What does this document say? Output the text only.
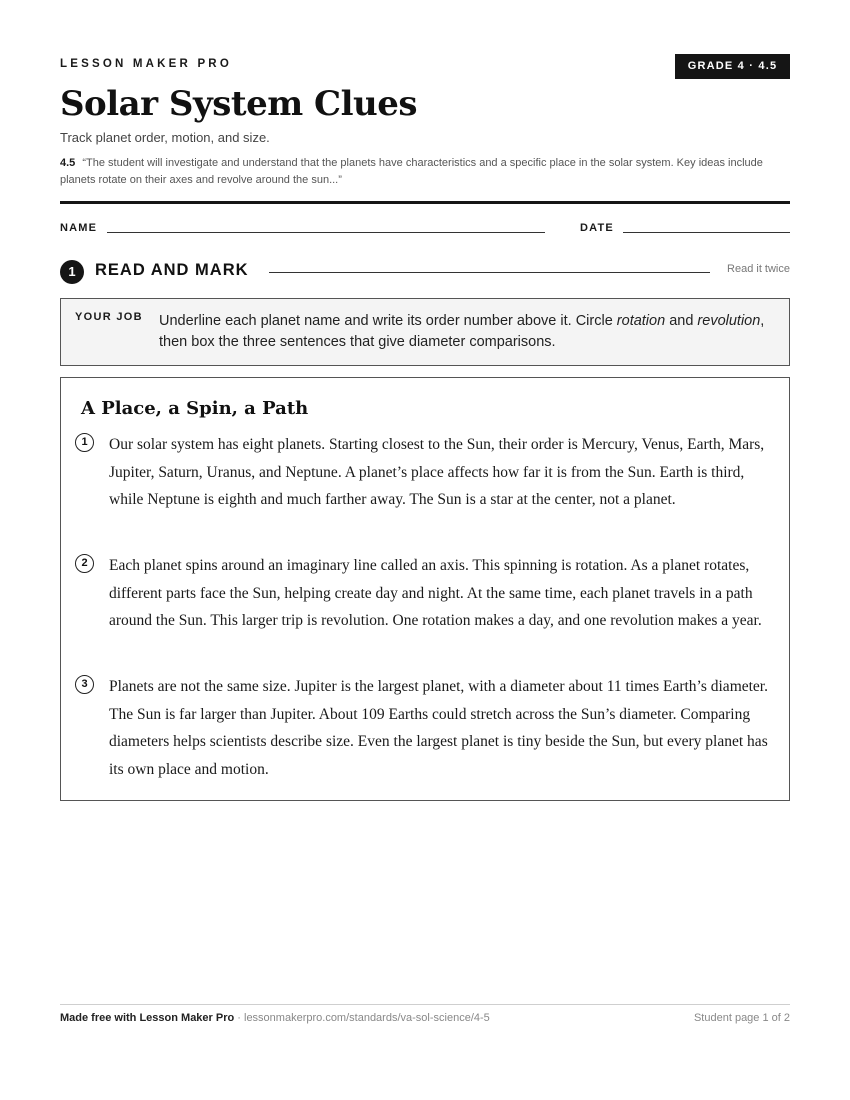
LESSON MAKER PRO	GRADE 4 · 4.5
Solar System Clues
Track planet order, motion, and size.
4.5 “The student will investigate and understand that the planets have characteristics and a specific place in the solar system. Key ideas include planets rotate on their axes and revolve around the sun...”
NAME	DATE
1	READ AND MARK	Read it twice
YOUR JOB Underline each planet name and write its order number above it. Circle rotation and revolution, then box the three sentences that give diameter comparisons.
A Place, a Spin, a Path
1	Our solar system has eight planets. Starting closest to the Sun, their order is Mercury, Venus, Earth, Mars, Jupiter, Saturn, Uranus, and Neptune. A planet’s place affects how far it is from the Sun. Earth is third, while Neptune is eighth and much farther away. The Sun is a star at the center, not a planet.

2	Each planet spins around an imaginary line called an axis. This spinning is rotation. As a planet rotates, different parts face the Sun, helping create day and night. At the same time, each planet travels in a path around the Sun. This larger trip is revolution. One rotation makes a day, and one revolution makes a year.

3	Planets are not the same size. Jupiter is the largest planet, with a diameter about 11 times Earth’s diameter. The Sun is far larger than Jupiter. About 109 Earths could stretch across the Sun’s diameter. Comparing diameters helps scientists describe size. Even the largest planet is tiny beside the Sun, but every planet has its own place and motion.

Made free with Lesson Maker Pro · lessonmakerpro.com/standards/va-sol-science/4-5	Student page 1 of 2
